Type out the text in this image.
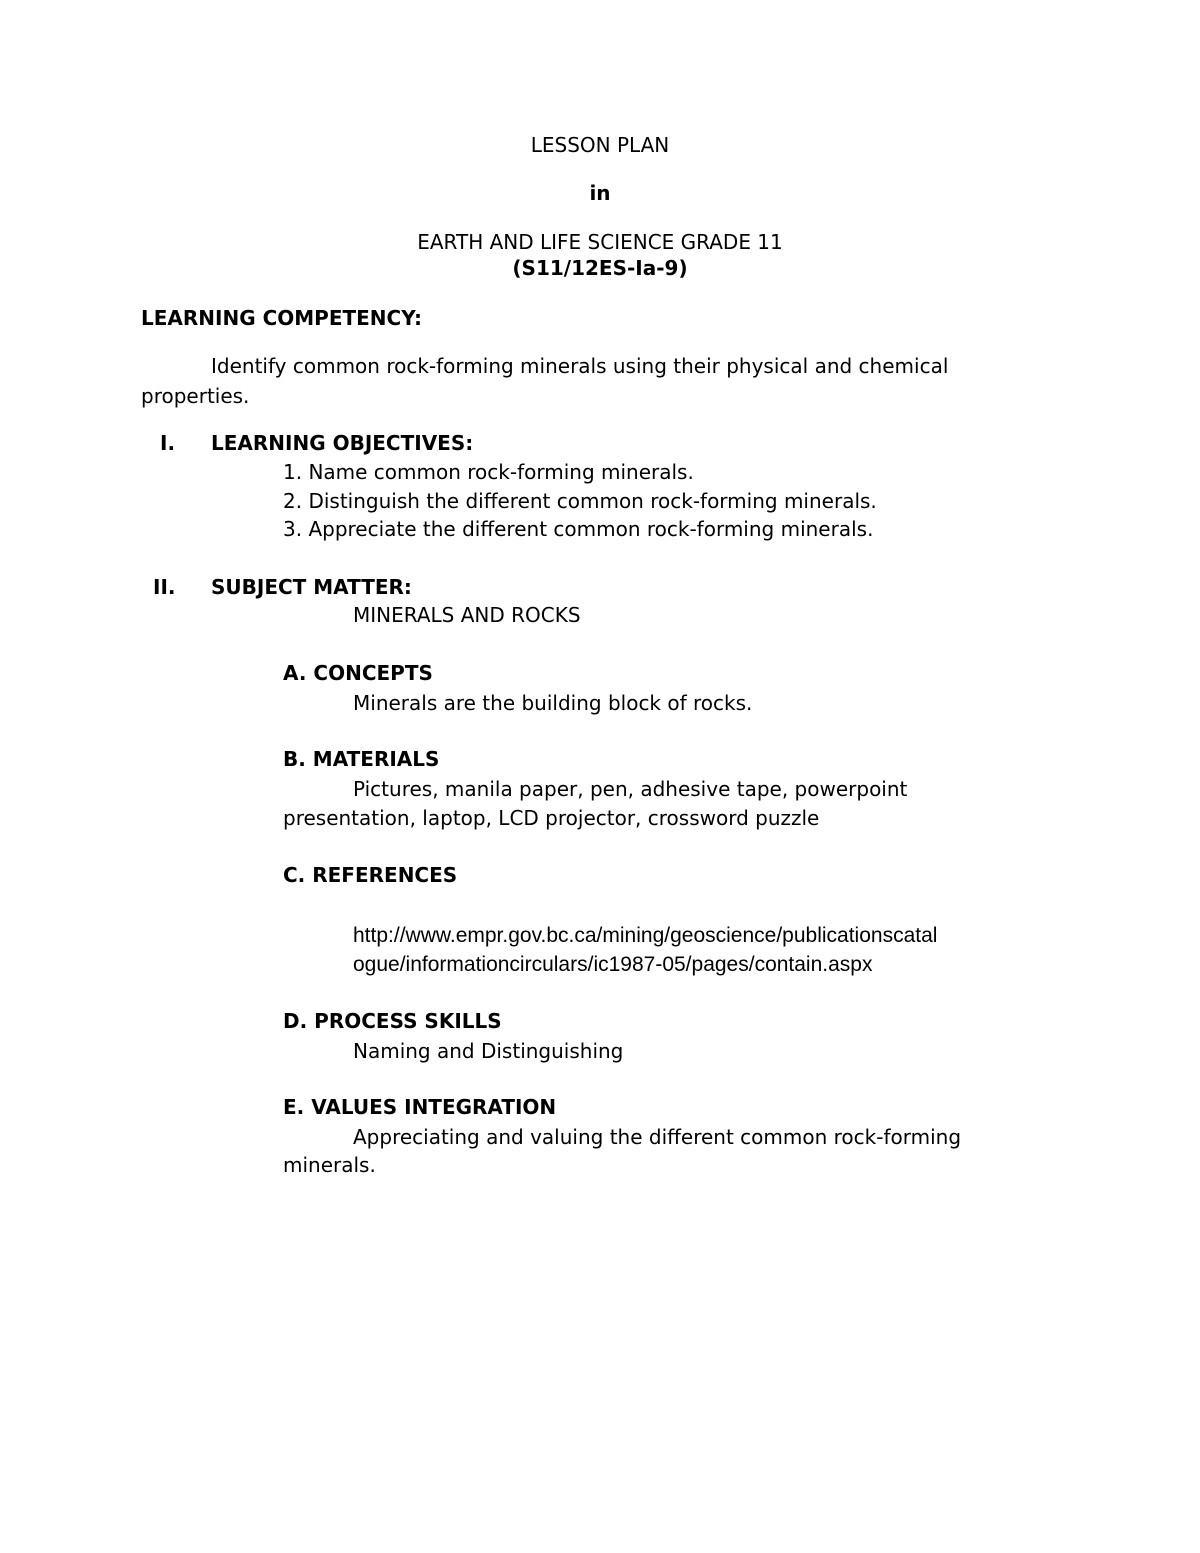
LESSON PLAN
in
EARTH AND LIFE SCIENCE GRADE 11
(S11/12ES-Ia-9)
LEARNING COMPETENCY:
Identify common rock-forming minerals using their physical and chemical
properties.
I. LEARNING OBJECTIVES:
1. Name common rock-forming minerals.
2. Distinguish the different common rock-forming minerals.
3. Appreciate the different common rock-forming minerals.
II. SUBJECT MATTER:
MINERALS AND ROCKS
A. CONCEPTS
Minerals are the building block of rocks.
B. MATERIALS
Pictures, manila paper, pen, adhesive tape, powerpoint
presentation, laptop, LCD projector, crossword puzzle
C. REFERENCES
http://www.empr.gov.bc.ca/mining/geoscience/publicationscatal
ogue/informationcirculars/ic1987-05/pages/contain.aspx
D. PROCESS SKILLS
Naming and Distinguishing
E. VALUES INTEGRATION
Appreciating and valuing the different common rock-forming
minerals.
